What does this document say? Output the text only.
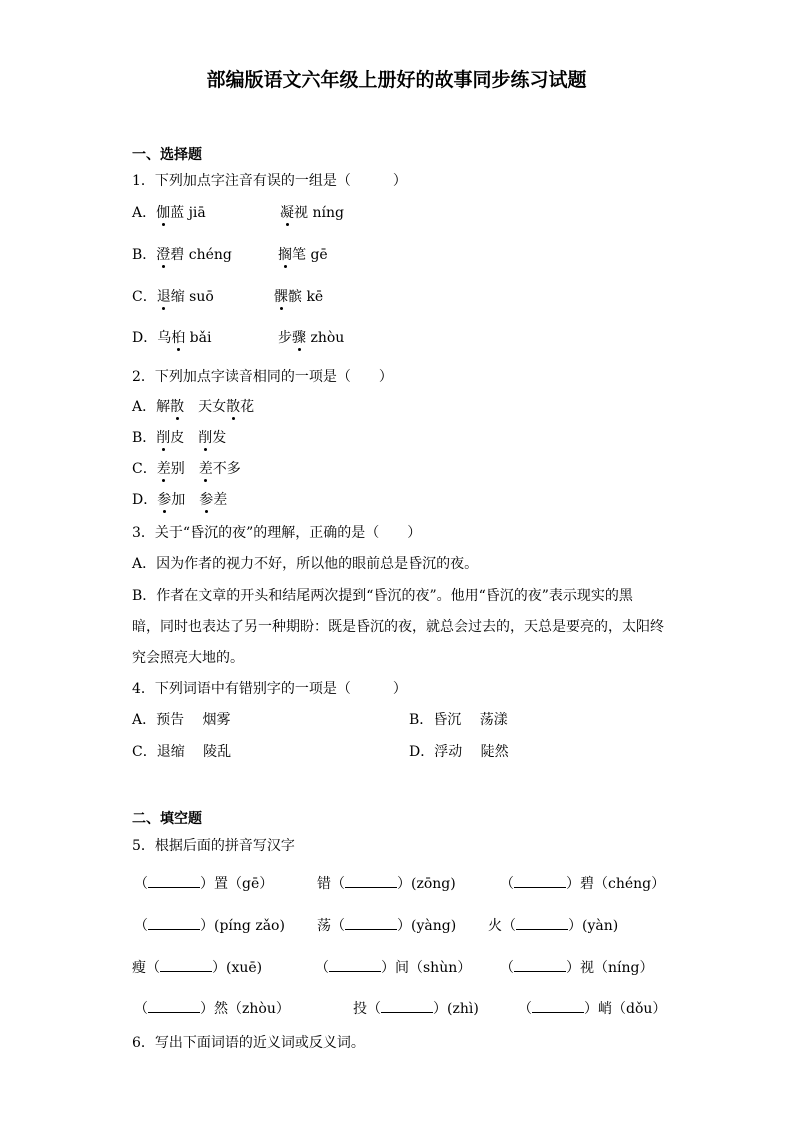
部编版语文六年级上册好的故事同步练习试题
一、选择题
1．下列加点字注音有误的一组是（　　　）
A．伽蓝 jiā	凝视 níng
B．澄碧 chéng	搁笔 gē
C．退缩 suō	髁髌 kē
D．乌桕 bǎi	步骤 zhòu
2．下列加点字读音相同的一项是（　　）
A．解散　 天女散花
B．削皮　 削发
C．差别　 差不多
D．参加　 参差
3．关于“昏沉的夜”的理解，正确的是（　　）
A．因为作者的视力不好，所以他的眼前总是昏沉的夜。
B．作者在文章的开头和结尾两次提到“昏沉的夜”。他用“昏沉的夜”表示现实的黑
暗，同时也表达了另一种期盼：既是昏沉的夜，就总会过去的，天总是要亮的，太阳终
究会照亮大地的。
4．下列词语中有错别字的一项是（　　　）
A．预告　 烟雾	B．昏沉　 荡漾
C．退缩　 陵乱	D．浮动　 陡然
二、填空题
5．根据后面的拼音写汉字
（	）置（gē）	错（	）(zōng)	（	）碧（chéng）
（	）(píng zǎo) 荡（	）(yàng) 火（	）(yàn)
瘦（	）(xuē)	（	）间（shùn） （	）视（níng）
（	）然（zhòu）	投（	）(zhì)	（	）峭（dǒu）
6．写出下面词语的近义词或反义词。
